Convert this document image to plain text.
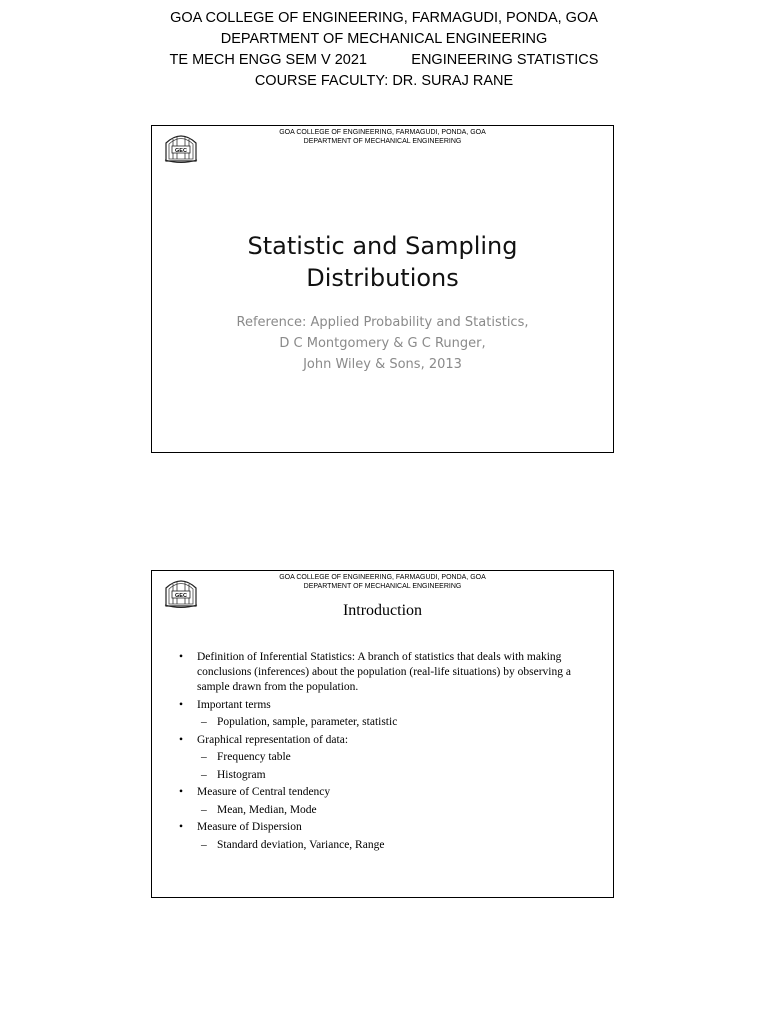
GOA COLLEGE OF ENGINEERING, FARMAGUDI, PONDA, GOA
DEPARTMENT OF MECHANICAL ENGINEERING
TE MECH ENGG SEM V 2021           ENGINEERING STATISTICS
COURSE FACULTY: DR. SURAJ RANE
GOA COLLEGE OF ENGINEERING, FARMAGUDI, PONDA, GOA
DEPARTMENT OF MECHANICAL ENGINEERING
GEC
Statistic and Sampling
Distributions
Reference: Applied Probability and Statistics,
D C Montgomery & G C Runger,
John Wiley & Sons, 2013
GOA COLLEGE OF ENGINEERING, FARMAGUDI, PONDA, GOA
DEPARTMENT OF MECHANICAL ENGINEERING
GEC
Introduction
• Definition of Inferential Statistics: A branch of statistics that deals with making conclusions (inferences) about the population (real-life situations) by observing a sample drawn from the population.
• Important terms
– Population, sample, parameter, statistic
• Graphical representation of data:
– Frequency table
– Histogram
• Measure of Central tendency
– Mean, Median, Mode
• Measure of Dispersion
– Standard deviation, Variance, Range
